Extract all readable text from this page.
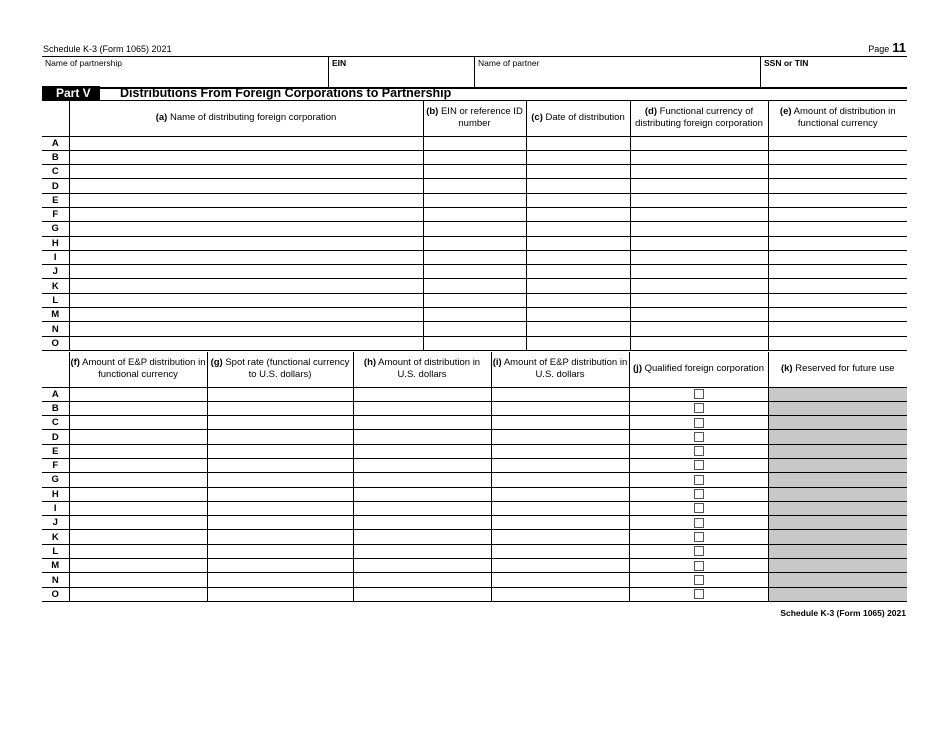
Schedule K-3 (Form 1065) 2021	Page 11
Name of partnership	EIN	Name of partner	SSN or TIN
Part V	Distributions From Foreign Corporations to Partnership
	(a) Name of distributing foreign corporation	(b) EIN or reference ID number	(c) Date of distribution	(d) Functional currency of distributing foreign corporation	(e) Amount of distribution in functional currency
A					
B					
C					
D					
E					
F					
G					
H					
I					
J					
K					
L					
M					
N					
O					
	(f) Amount of E&P distribution in functional currency	(g) Spot rate (functional currency to U.S. dollars)	(h) Amount of distribution in U.S. dollars	(i) Amount of E&P distribution in U.S. dollars	(j) Qualified foreign corporation	(k) Reserved for future use
A						
B						
C						
D						
E						
F						
G						
H						
I						
J						
K						
L						
M						
N						
O						
Schedule K-3 (Form 1065) 2021
